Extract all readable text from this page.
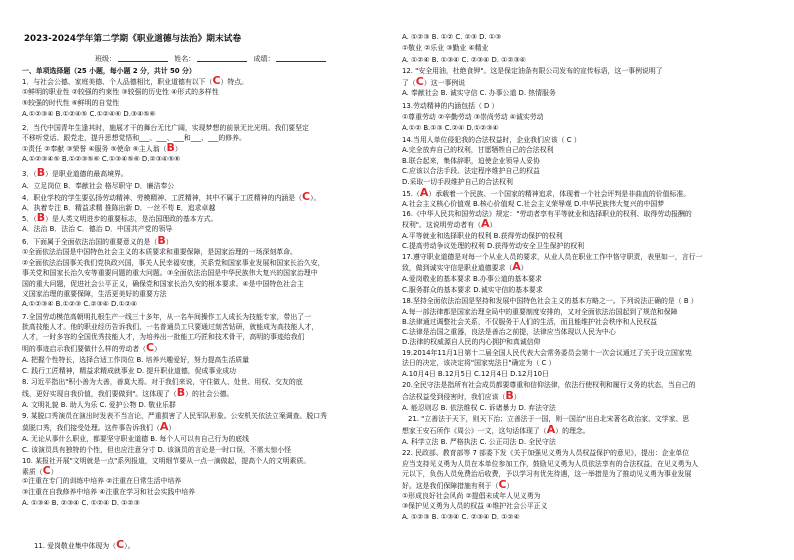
2023-2024学年第二学期《职业道德与法治》期末试卷
班级：	姓名：	成绩：
一、单项选择题（25 小题，每小题 2 分，共计 50 分）
1．与社会公德、家庭美德、个人品德相比，职业道德有以下（C）特点。
①鲜明的职业性 ②较强的约束性 ③较强的历史性 ④形式的多样性
⑤较强的时代性 ⑥鲜明的自觉性
A.①②③④ B.①②④⑤ C.①②④⑥ D.③④⑤⑥
2．当代中国青年生逢其时，施展才干的舞台无比广阔，实现梦想的前景无比光明。我们要坚定
不移听党话、跟党走，提升思想觉悟和___、___、___和___、___的修养。
①责任 ②奉献 ③荣誉 ④服务 ⑤使命 ⑥主人翁（B）
A.①②③④⑤ B.①②③⑤⑥ C.①③④⑤⑥ D.②③④⑤⑥
3．（B）是职业道德的最高境界。
A．立足岗位 B．奉献社会 格尽职守 D．廉洁奉公
4．职业学校的学生要弘扬劳动精神、劳模精神、工匠精神，其中不属于工匠精神的内涵是（C）。
A．执着专注 B．精益求精 推陈出新 D．一丝不苟 E．追求卓越
5．（B）是人类文明进步的重要标志，是治国理政的基本方式。
A．法治 B．法治 C．德治 D．中国共产党的领导
6．下面属于全面依法治国的重要意义的是（B）
①全面依法治国是中国特色社会主义的本质要求和重要保障，是国家治理的一场深刻革命。
②全面依法治国事关我们党执政兴国，事关人民幸福安康，关系党和国家事业发展和国家长治久安，
事关党和国家长治久安等重要问题的重大问题。③全面依法治国是中华民族伟大复兴的国家治理中
国的重大问题，促进社会公平正义，确保党和国家长治久安的根本要求。④是中国特色社会主
义国家治理的重要保障，生活更美好的重要方法
A.①②③④ B.①②③ C.②③④ D.①②④
7.全国劳动模范高朝明扎根生产一线三十多年，从一名车间操作工人成长为技能专家，带出了一
批高技能人才。他的职业经历告诉我们，一名普通员工只要通过刻苦钻研，就能成为高技能人才，
人才，一时多容的全国优秀技能人才，为培养出一批能工巧匠和技术骨干，高明的事迹给我们
明的事迹启示我们要做什么样的劳动者（C）
A. 把握个性特长，选择合适工作岗位 B. 培养兴趣爱好，努力提高生活质量
C. 践行工匠精神，精益求精成就事业 D. 提升职业道德，促成事业成功
8. 习近平指出"积小善为大善，善莫大焉。对于我们来说，守住做人、处世、用权、交友的底
线，更好实现自我价值，我们要做到"。这体现了（B）的社会公德。
A. 文明礼貌 B. 助人为乐 C. 爱护公物 D. 敬业乐群
9. 某脱口秀演员在演出时发表不当言论，严重损害了人民军队形象。公安机关依法立案调查。脱口秀
莫脱口秀，我们接受处理。这件事告诉我们（A）
A. 无论从事什么职业，都要坚守职业道德 B. 每个人可以有自己行为的底线
C. 该演员具有独特的个性，但也应注意分寸 D. 该演员的言论是一时口误，不需太惊小怪
10. 某报社开展"文明就是一点"系列报道，文明细节要从一点一滴做起，提高个人的文明素质。
素质（C）
①注重在专门的训练中培养 ②注重在日常生活中培养
③注重在自我修养中培养 ④注重在学习和社会实践中培养
A. ①③④ B. ②③④ C. ①②④ D. ①②③
11. 爱岗敬业集中体现为（C）。
A. ①②③ B. ①② C. ②③ D. ①③
①敬业 ②乐业 ③勤业 ④精业
A. ①②④ B. ①③④ C. ②③④ D. ①②③④
12. "安全用油，杜绝食钾"。这是保定油条有限公司发布的宣传标语，这一事例说明了
了（C）这一事例说
A. 奉献社会 B. 诚实守信 C. 办事公道 D. 热情服务
13.劳动精神的内涵包括（ D ）
①尊重劳动 ②辛勤劳动 ③崇尚劳动 ④诚实劳动
A.①② B.①③ C.②④ D.①②③④
14.当用人单位侵犯我的合法权益时，企业我们应该（ C ）
A.完全放弃自己的权利，甘愿牺牲自己的合法权利
B.联合起来，集体辞职，迫使企业领导人妥协
C.应该以合法手段、法定程序维护自己的权益
D.采取一切手段维护自己的合法权利
15.（A）承载着一个民族、一个国家的精神追求，体现着一个社会评判是非曲直的价值标准。
A.社会主义核心价值观 B.核心价值观 C.社会主义荣辱观 D.中华民族伟大复兴的中国梦
16.《中华人民共和国劳动法》规定："劳动者享有平等就业和选择职业的权利、取得劳动报酬的
权利"。这说明劳动者有（A）
A.平等就业和选择职业的权利 B.获得劳动保护的权利
C.提高劳动争议处理的权利 D.获得劳动安全卫生保护的权利
17.遵守职业道德是对每一个从业人员的要求，从业人员在职业工作中恪守职责，表里如一，言行一
致，做到诚实守信是职业道德要求（A）
A.爱岗敬业的基本要求 B.办事公道的基本要求
C.服务群众的基本要求 D.诚实守信的基本要求
18.坚持全面依法治国是坚持和发展中国特色社会主义的基本方略之一。下列说法正确的是（ B ）
A.每一部法律都是国家治理全局中的重要制度安排的，又对全面依法治国起到了规范和保障
B.法律通过调整社会关系，不仅服务于人们的生活，而且能维护社会秩序和人民权益
C.法律是治国之重器，良法是善治之前提，法律应当体现以人民为中心
D.法律的权威源自人民的内心拥护和真诚信仰
19.2014年11月1日第十二届全国人民代表大会常务委员会第十一次会议通过了关于设立国家宪
法日的决定，该决定将"国家宪法日"确定为（ C ）
A.10月4日 B.12月5日 C.12月4日 D.12月10日
20.全民守法是指所有社会成员都要尊重和信仰法律，依法行使权利和履行义务的状态，当自己的
合法权益受到侵害时，我们应该（B）
A. 能忍则忍 B. 依法维权 C. 诉诸暴力 D. 弃法守法
21. "立善法于天下，则天下治；立善法于一国，则一国治"出自北宋著名政治家、文学家、思
想家王安石所作《周公》一文，这句话体现了（A）的理念。
A. 科学立法 B. 严格执法 C. 公正司法 D. 全民守法
22. 民政部、教育部等 7 部委下发《关于加强见义勇为人员权益保护的意见》，提出：企业单位
应当支持见义勇为人员在本单位参加工作，鼓励见义勇为人员依法享有的合法权益，在见义勇为人
元以下，负伤人员免费治后收费，予以学习有优先待遇，这一举措是为了推动见义勇为事业发展
好。这是我们保障措施有利于（C）
①形成良好社会风尚 ②提倡未成年人见义勇为
③保护见义勇为人员的权益 ④维护社会公平正义
A. ①②③ B. ①③④ C. ②③④ D. ①②④
